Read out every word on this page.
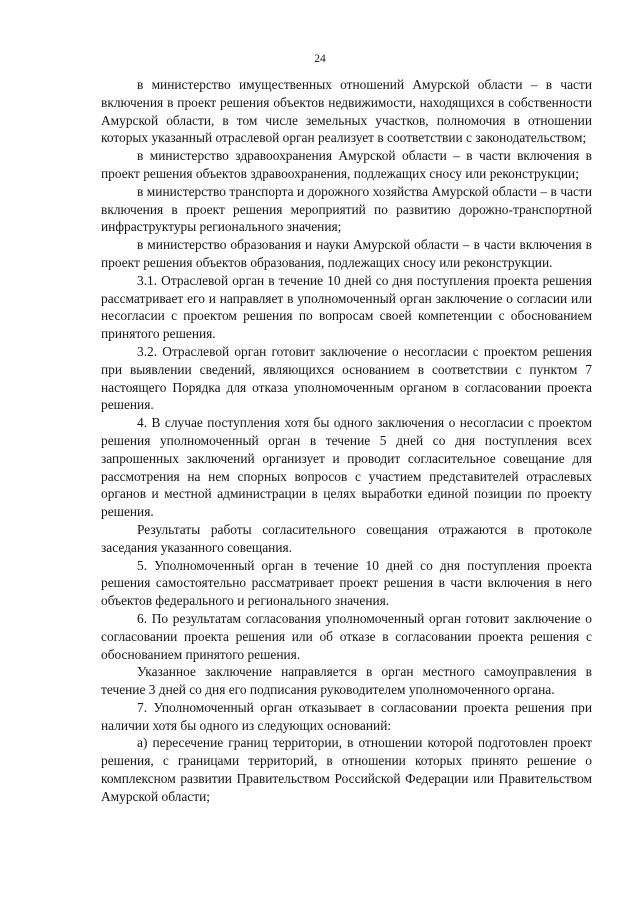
24

в министерство имущественных отношений Амурской области – в части включения в проект решения объектов недвижимости, находящихся в собственности Амурской области, в том числе земельных участков, полномочия в отношении которых указанный отраслевой орган реализует в соответствии с законодательством;

в министерство здравоохранения Амурской области – в части включения в проект решения объектов здравоохранения, подлежащих сносу или реконструкции;

в министерство транспорта и дорожного хозяйства Амурской области – в части включения в проект решения мероприятий по развитию дорожно-транспортной инфраструктуры регионального значения;

в министерство образования и науки Амурской области – в части включения в проект решения объектов образования, подлежащих сносу или реконструкции.

3.1. Отраслевой орган в течение 10 дней со дня поступления проекта решения рассматривает его и направляет в уполномоченный орган заключение о согласии или несогласии с проектом решения по вопросам своей компетенции с обоснованием принятого решения.

3.2. Отраслевой орган готовит заключение о несогласии с проектом решения при выявлении сведений, являющихся основанием в соответствии с пунктом 7 настоящего Порядка для отказа уполномоченным органом в согласовании проекта решения.

4. В случае поступления хотя бы одного заключения о несогласии с проектом решения уполномоченный орган в течение 5 дней со дня поступления всех запрошенных заключений организует и проводит согласительное совещание для рассмотрения на нем спорных вопросов с участием представителей отраслевых органов и местной администрации в целях выработки единой позиции по проекту решения.

Результаты работы согласительного совещания отражаются в протоколе заседания указанного совещания.

5. Уполномоченный орган в течение 10 дней со дня поступления проекта решения самостоятельно рассматривает проект решения в части включения в него объектов федерального и регионального значения.

6. По результатам согласования уполномоченный орган готовит заключение о согласовании проекта решения или об отказе в согласовании проекта решения с обоснованием принятого решения.

Указанное заключение направляется в орган местного самоуправления в течение 3 дней со дня его подписания руководителем уполномоченного органа.

7. Уполномоченный орган отказывает в согласовании проекта решения при наличии хотя бы одного из следующих оснований:

а) пересечение границ территории, в отношении которой подготовлен проект решения, с границами территорий, в отношении которых принято решение о комплексном развитии Правительством Российской Федерации или Правительством Амурской области;
